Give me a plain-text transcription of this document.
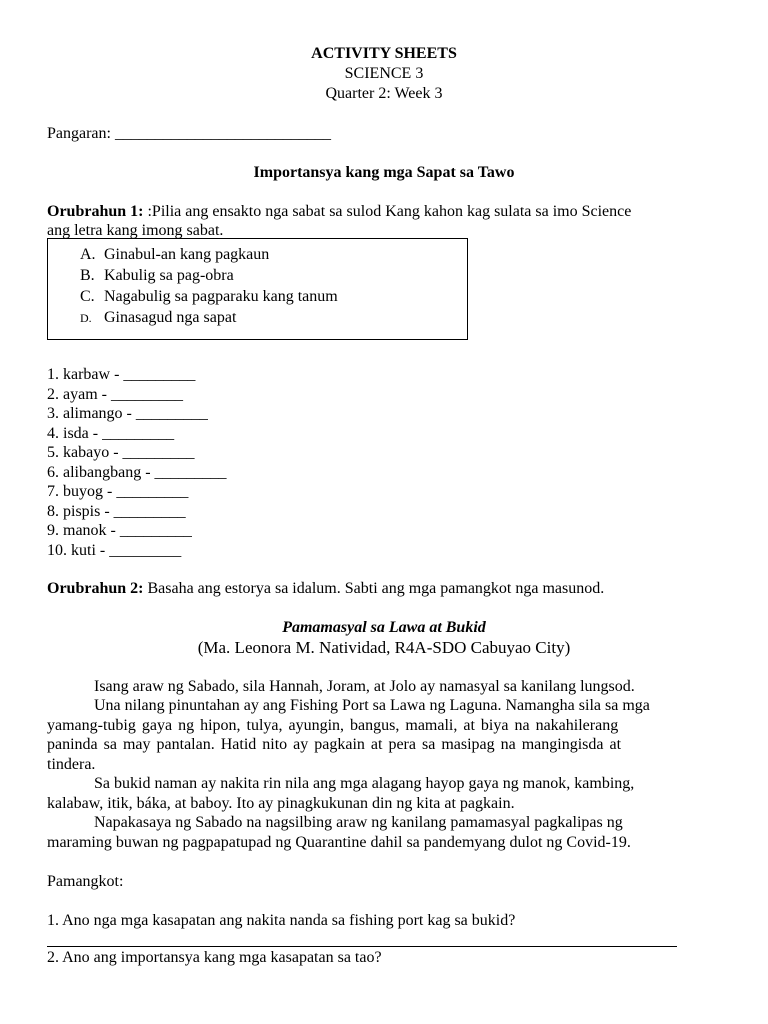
ACTIVITY SHEETS
SCIENCE 3
Quarter 2: Week 3
Pangaran: ___________________________
Importansya kang mga Sapat sa Tawo
Orubrahun 1: :Pilia ang ensakto nga sabat sa sulod Kang kahon kag sulata sa imo Science
ang letra kang imong sabat.
A. Ginabul-an kang pagkaun
B. Kabulig sa pag-obra
C. Nagabulig sa pagparaku kang tanum
D. Ginasagud nga sapat
1. karbaw - _________
2. ayam - _________
3. alimango - _________
4. isda - _________
5. kabayo - _________
6. alibangbang - _________
7. buyog - _________
8. pispis - _________
9. manok - _________
10. kuti - _________
Orubrahun 2: Basaha ang estorya sa idalum. Sabti ang mga pamangkot nga masunod.
Pamamasyal sa Lawa at Bukid
(Ma. Leonora M. Natividad, R4A-SDO Cabuyao City)
Isang araw ng Sabado, sila Hannah, Joram, at Jolo ay namasyal sa kanilang lungsod.
Una nilang pinuntahan ay ang Fishing Port sa Lawa ng Laguna. Namangha sila sa mga
yamang-tubig gaya ng hipon, tulya, ayungin, bangus, mamali, at biya na nakahilerang
paninda sa may pantalan. Hatid nito ay pagkain at pera sa masipag na mangingisda at
tindera.
Sa bukid naman ay nakita rin nila ang mga alagang hayop gaya ng manok, kambing,
kalabaw, itik, báka, at baboy. Ito ay pinagkukunan din ng kita at pagkain.
Napakasaya ng Sabado na nagsilbing araw ng kanilang pamamasyal pagkalipas ng
maraming buwan ng pagpapatupad ng Quarantine dahil sa pandemyang dulot ng Covid-19.
Pamangkot:
1. Ano nga mga kasapatan ang nakita nanda sa fishing port kag sa bukid?
2. Ano ang importansya kang mga kasapatan sa tao?
